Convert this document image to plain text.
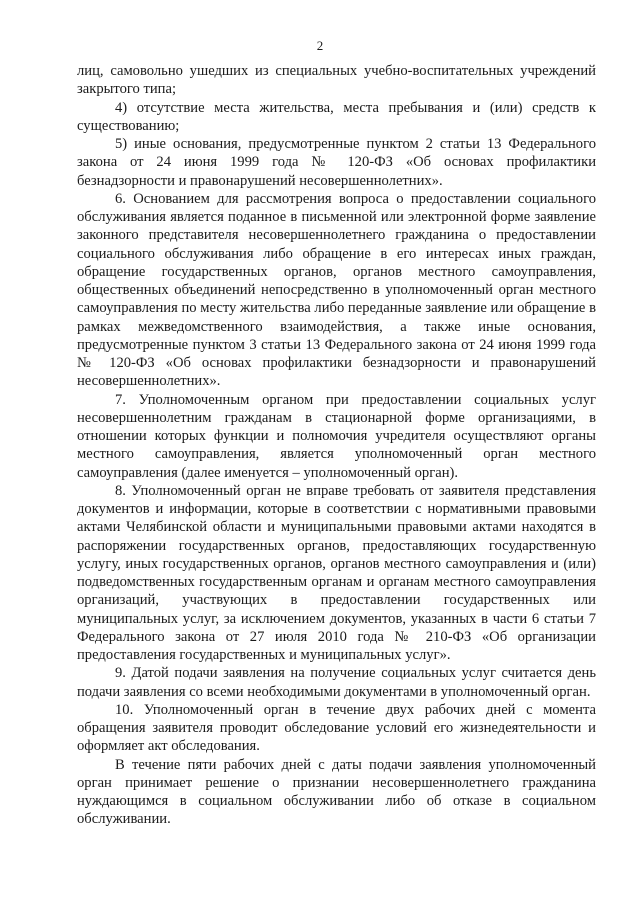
2

лиц, самовольно ушедших из специальных учебно-воспитательных учреждений закрытого типа;

4) отсутствие места жительства, места пребывания и (или) средств к существованию;

5) иные основания, предусмотренные пунктом 2 статьи 13 Федерального закона от 24 июня 1999 года № 120-ФЗ «Об основах профилактики безнадзорности и правонарушений несовершеннолетних».

6. Основанием для рассмотрения вопроса о предоставлении социального обслуживания является поданное в письменной или электронной форме заявление законного представителя несовершеннолетнего гражданина о предоставлении социального обслуживания либо обращение в его интересах иных граждан, обращение государственных органов, органов местного самоуправления, общественных объединений непосредственно в уполномоченный орган местного самоуправления по месту жительства либо переданные заявление или обращение в рамках межведомственного взаимодействия, а также иные основания, предусмотренные пунктом 3 статьи 13 Федерального закона от 24 июня 1999 года № 120-ФЗ «Об основах профилактики безнадзорности и правонарушений несовершеннолетних».

7. Уполномоченным органом при предоставлении социальных услуг несовершеннолетним гражданам в стационарной форме организациями, в отношении которых функции и полномочия учредителя осуществляют органы местного самоуправления, является уполномоченный орган местного самоуправления (далее именуется – уполномоченный орган).

8. Уполномоченный орган не вправе требовать от заявителя представления документов и информации, которые в соответствии с нормативными правовыми актами Челябинской области и муниципальными правовыми актами находятся в распоряжении государственных органов, предоставляющих государственную услугу, иных государственных органов, органов местного самоуправления и (или) подведомственных государственным органам и органам местного самоуправления организаций, участвующих в предоставлении государственных или муниципальных услуг, за исключением документов, указанных в части 6 статьи 7 Федерального закона от 27 июля 2010 года № 210-ФЗ «Об организации предоставления государственных и муниципальных услуг».

9. Датой подачи заявления на получение социальных услуг считается день подачи заявления со всеми необходимыми документами в уполномоченный орган.

10. Уполномоченный орган в течение двух рабочих дней с момента обращения заявителя проводит обследование условий его жизнедеятельности и оформляет акт обследования.

В течение пяти рабочих дней с даты подачи заявления уполномоченный орган принимает решение о признании несовершеннолетнего гражданина нуждающимся в социальном обслуживании либо об отказе в социальном обслуживании.
